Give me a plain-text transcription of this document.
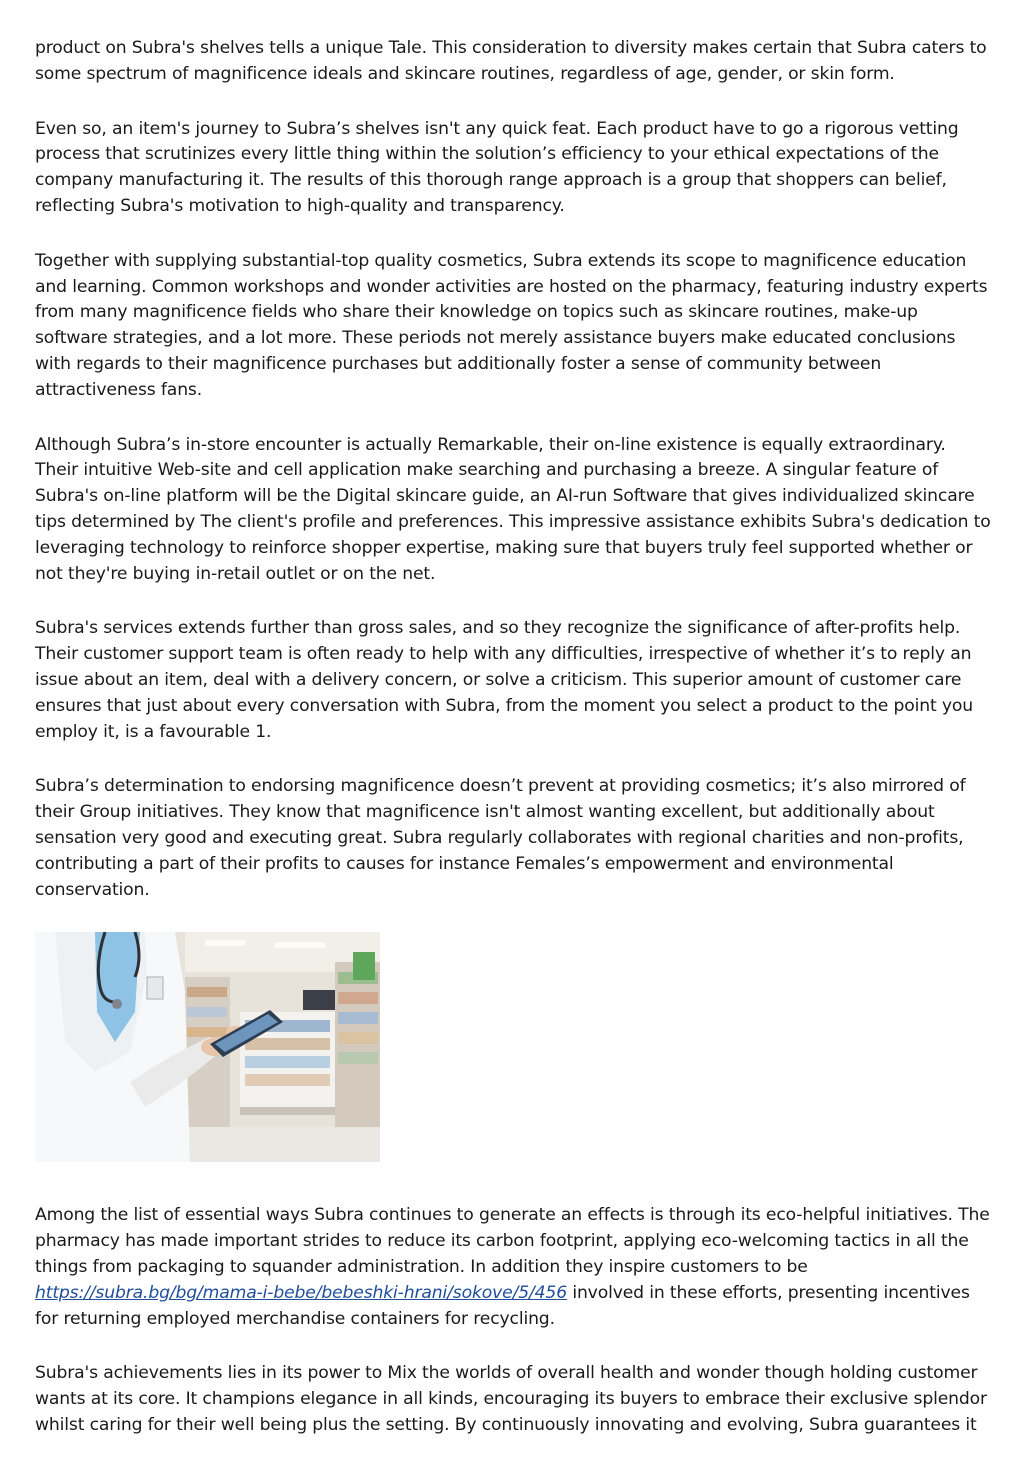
product on Subra's shelves tells a unique Tale. This consideration to diversity makes certain that Subra caters to some spectrum of magnificence ideals and skincare routines, regardless of age, gender, or skin form.

Even so, an item's journey to Subra’s shelves isn't any quick feat. Each product have to go a rigorous vetting process that scrutinizes every little thing within the solution’s efficiency to your ethical expectations of the company manufacturing it. The results of this thorough range approach is a group that shoppers can belief, reflecting Subra's motivation to high-quality and transparency.

Together with supplying substantial-top quality cosmetics, Subra extends its scope to magnificence education and learning. Common workshops and wonder activities are hosted on the pharmacy, featuring industry experts from many magnificence fields who share their knowledge on topics such as skincare routines, make-up software strategies, and a lot more. These periods not merely assistance buyers make educated conclusions with regards to their magnificence purchases but additionally foster a sense of community between attractiveness fans.

Although Subra’s in-store encounter is actually Remarkable, their on-line existence is equally extraordinary. Their intuitive Web-site and cell application make searching and purchasing a breeze. A singular feature of Subra's on-line platform will be the Digital skincare guide, an AI-run Software that gives individualized skincare tips determined by The client's profile and preferences. This impressive assistance exhibits Subra's dedication to leveraging technology to reinforce shopper expertise, making sure that buyers truly feel supported whether or not they're buying in-retail outlet or on the net.

Subra's services extends further than gross sales, and so they recognize the significance of after-profits help. Their customer support team is often ready to help with any difficulties, irrespective of whether it’s to reply an issue about an item, deal with a delivery concern, or solve a criticism. This superior amount of customer care ensures that just about every conversation with Subra, from the moment you select a product to the point you employ it, is a favourable 1.

Subra’s determination to endorsing magnificence doesn’t prevent at providing cosmetics; it’s also mirrored of their Group initiatives. They know that magnificence isn't almost wanting excellent, but additionally about sensation very good and executing great. Subra regularly collaborates with regional charities and non-profits, contributing a part of their profits to causes for instance Females’s empowerment and environmental conservation.

Among the list of essential ways Subra continues to generate an effects is through its eco-helpful initiatives. The pharmacy has made important strides to reduce its carbon footprint, applying eco-welcoming tactics in all the things from packaging to squander administration. In addition they inspire customers to be https://subra.bg/bg/mama-i-bebe/bebeshki-hrani/sokove/5/456 involved in these efforts, presenting incentives for returning employed merchandise containers for recycling.

Subra's achievements lies in its power to Mix the worlds of overall health and wonder though holding customer wants at its core. It champions elegance in all kinds, encouraging its buyers to embrace their exclusive splendor whilst caring for their well being plus the setting. By continuously innovating and evolving, Subra guarantees it
